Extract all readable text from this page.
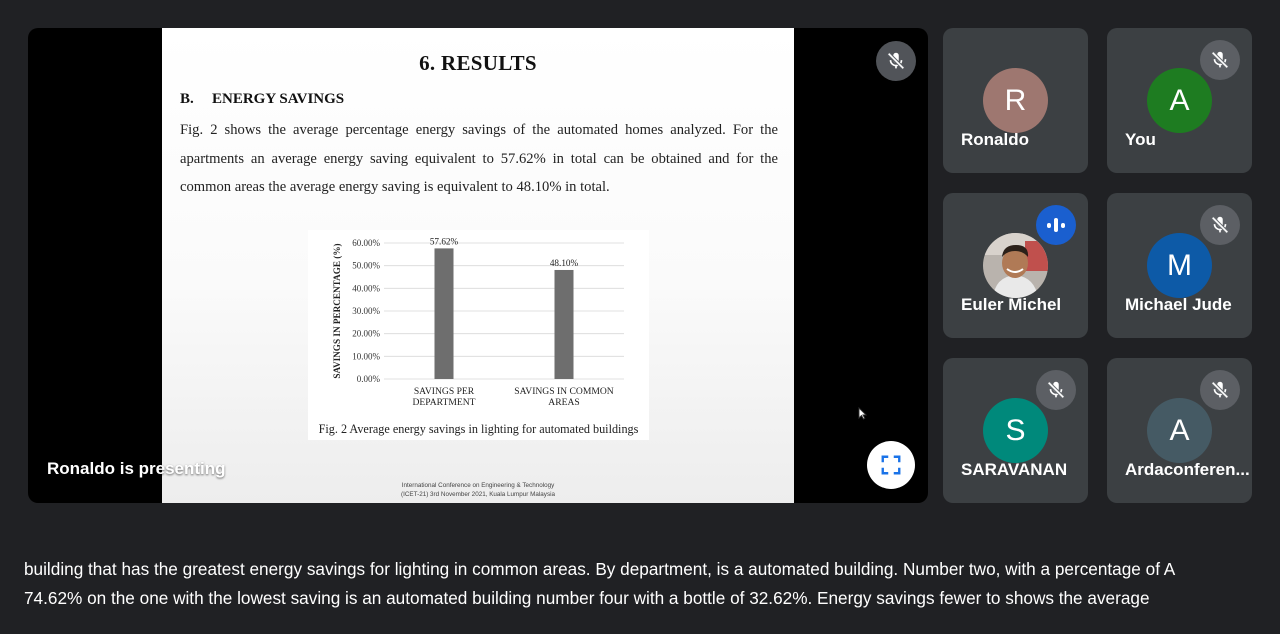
6. RESULTS
B. ENERGY SAVINGS
Fig. 2 shows the average percentage energy savings of the automated homes analyzed. For the apartments an average energy saving equivalent to 57.62% in total can be obtained and for the common areas the average energy saving is equivalent to 48.10% in total.
0.00%
10.00%
20.00%
30.00%
40.00%
50.00%
60.00%
SAVINGS IN PERCENTAGE (%)
57.62%
SAVINGS PER
DEPARTMENT
48.10%
SAVINGS IN COMMON
AREAS
Fig. 2 Average energy savings in lighting for automated buildings
International Conference on Engineering & Technology
(ICET-21) 3rd November 2021, Kuala Lumpur Malaysia
Ronaldo is presenting
R
Ronaldo
A
You
Euler Michel
M
Michael Jude
S
SARAVANAN
A
Ardaconferen...
building that has the greatest energy savings for lighting in common areas. By department, is a automated building. Number two, with a percentage of A
74.62% on the one with the lowest saving is an automated building number four with a bottle of 32.62%. Energy savings fewer to shows the average
